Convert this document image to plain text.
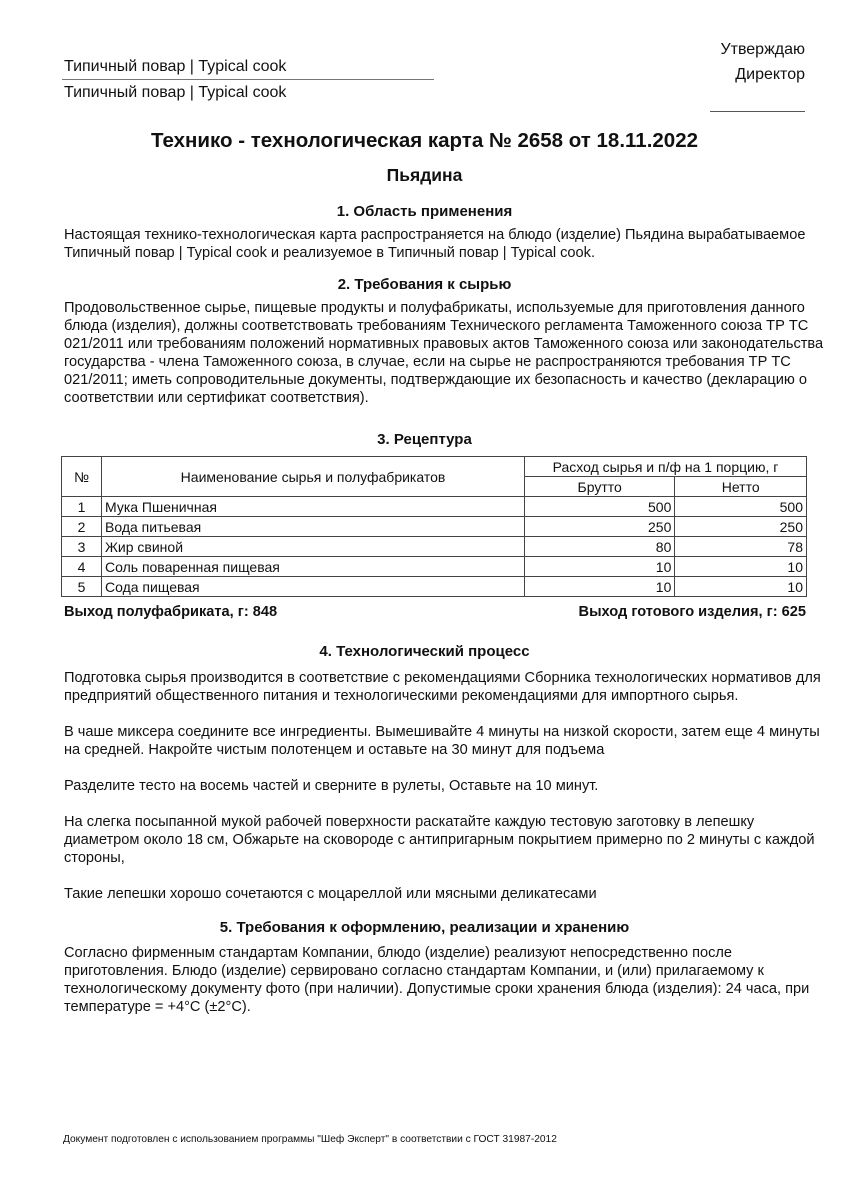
Типичный повар | Typical cook
Типичный повар | Typical cook
Утверждаю
Директор
Технико - технологическая карта № 2658 от 18.11.2022
Пьядина
1. Область применения
Настоящая технико-технологическая карта распространяется на блюдо (изделие) Пьядина вырабатываемое Типичный повар | Typical cook и реализуемое в Типичный повар | Typical cook.
2. Требования к сырью
Продовольственное сырье, пищевые продукты и полуфабрикаты, используемые для приготовления данного блюда (изделия), должны соответствовать требованиям Технического регламента Таможенного союза ТР ТС 021/2011 или требованиям положений нормативных правовых актов Таможенного союза или законодательства государства - члена Таможенного союза, в случае, если на сырье не распространяются требования ТР ТС 021/2011; иметь сопроводительные документы, подтверждающие их безопасность и качество (декларацию о соответствии или сертификат соответствия).
3. Рецептура
№	Наименование сырья и полуфабрикатов	Расход сырья и п/ф на 1 порцию, г	
		Брутто	Нетто
1	Мука Пшеничная	500	500
2	Вода питьевая	250	250
3	Жир свиной	80	78
4	Соль поваренная пищевая	10	10
5	Сода пищевая	10	10
Выход полуфабриката, г: 848	Выход готового изделия, г: 625
4. Технологический процесс
Подготовка сырья производится в соответствие с рекомендациями Сборника технологических нормативов для предприятий общественного питания и технологическими рекомендациями для импортного сырья.
В чаше миксера соедините все ингредиенты. Вымешивайте 4 минуты на низкой скорости, затем еще 4 минуты на средней. Накройте чистым полотенцем и оставьте на 30 минут для подъема
Разделите тесто на восемь частей и сверните в рулеты, Оставьте на 10 минут.
На слегка посыпанной мукой рабочей поверхности раскатайте каждую тестовую заготовку в лепешку диаметром около 18 см, Обжарьте на сковороде с антипригарным покрытием примерно по 2 минуты с каждой стороны,
Такие лепешки хорошо сочетаются с моцареллой или мясными деликатесами
5. Требования к оформлению, реализации и хранению
Согласно фирменным стандартам Компании, блюдо (изделие) реализуют непосредственно после приготовления. Блюдо (изделие) сервировано согласно стандартам Компании, и (или) прилагаемому к технологическому документу фото (при наличии). Допустимые сроки хранения блюда (изделия): 24 часа, при температуре = +4°C (±2°C).
Документ подготовлен с использованием программы "Шеф Эксперт" в соответствии с ГОСТ 31987-2012
